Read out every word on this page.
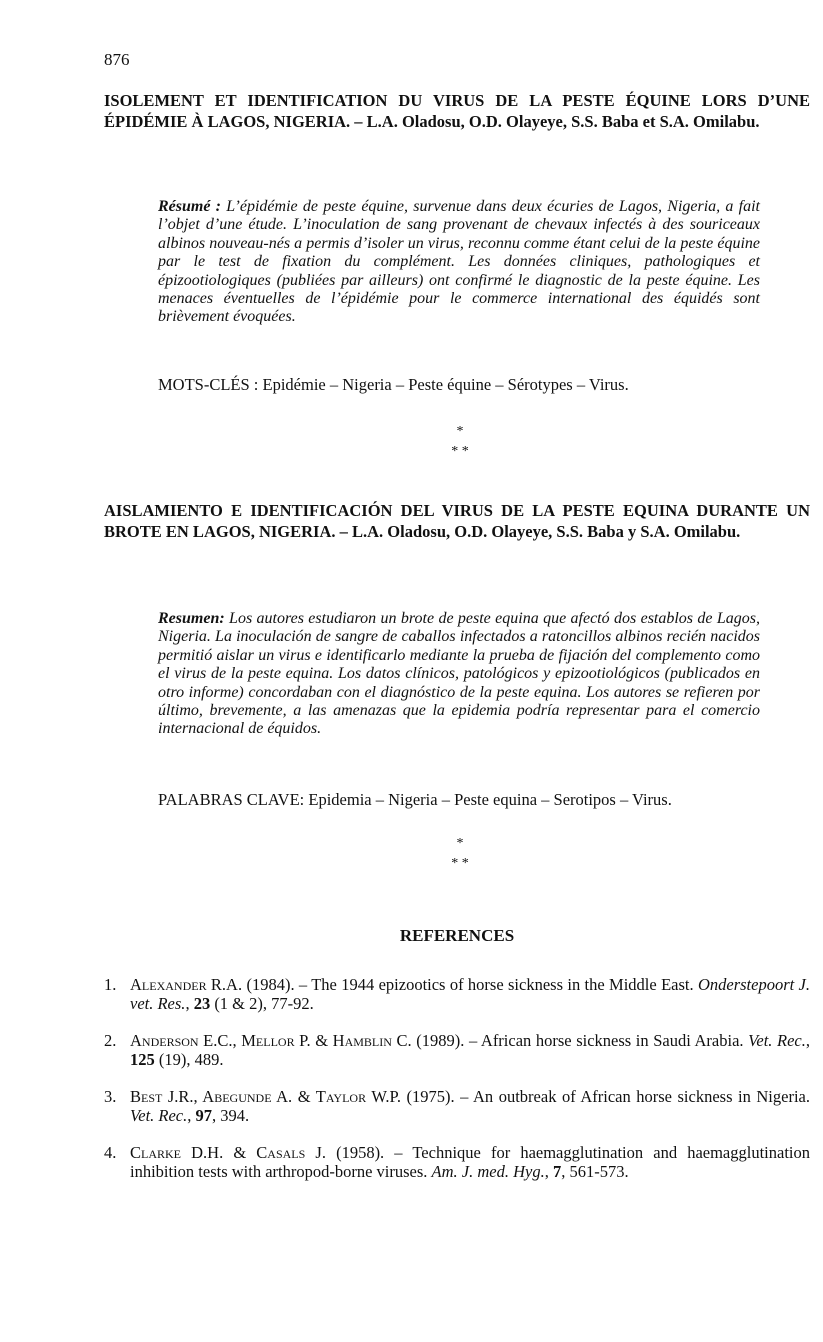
876
ISOLEMENT ET IDENTIFICATION DU VIRUS DE LA PESTE ÉQUINE LORS D’UNE ÉPIDÉMIE À LAGOS, NIGERIA. – L.A. Oladosu, O.D. Olayeye, S.S. Baba et S.A. Omilabu.

Résumé : L’épidémie de peste équine, survenue dans deux écuries de Lagos, Nigeria, a fait l’objet d’une étude. L’inoculation de sang provenant de chevaux infectés à des souriceaux albinos nouveau-nés a permis d’isoler un virus, reconnu comme étant celui de la peste équine par le test de fixation du complément. Les données cliniques, pathologiques et épizootiologiques (publiées par ailleurs) ont confirmé le diagnostic de la peste équine. Les menaces éventuelles de l’épidémie pour le commerce international des équidés sont brièvement évoquées.

MOTS-CLÉS : Epidémie – Nigeria – Peste équine – Sérotypes – Virus.

*
* *
AISLAMIENTO E IDENTIFICACIÓN DEL VIRUS DE LA PESTE EQUINA DURANTE UN BROTE EN LAGOS, NIGERIA. – L.A. Oladosu, O.D. Olayeye, S.S. Baba y S.A. Omilabu.

Resumen: Los autores estudiaron un brote de peste equina que afectó dos establos de Lagos, Nigeria. La inoculación de sangre de caballos infectados a ratoncillos albinos recién nacidos permitió aislar un virus e identificarlo mediante la prueba de fijación del complemento como el virus de la peste equina. Los datos clínicos, patológicos y epizootiológicos (publicados en otro informe) concordaban con el diagnóstico de la peste equina. Los autores se refieren por último, brevemente, a las amenazas que la epidemia podría representar para el comercio internacional de équidos.

PALABRAS CLAVE: Epidemia – Nigeria – Peste equina – Serotipos – Virus.

*
* *
REFERENCES
1. Alexander R.A. (1984). – The 1944 epizootics of horse sickness in the Middle East. Onderstepoort J. vet. Res., 23 (1 & 2), 77-92.
2. Anderson E.C., Mellor P. & Hamblin C. (1989). – African horse sickness in Saudi Arabia. Vet. Rec., 125 (19), 489.
3. Best J.R., Abegunde A. & Taylor W.P. (1975). – An outbreak of African horse sickness in Nigeria. Vet. Rec., 97, 394.
4. Clarke D.H. & Casals J. (1958). – Technique for haemagglutination and haemagglutination inhibition tests with arthropod-borne viruses. Am. J. med. Hyg., 7, 561-573.
